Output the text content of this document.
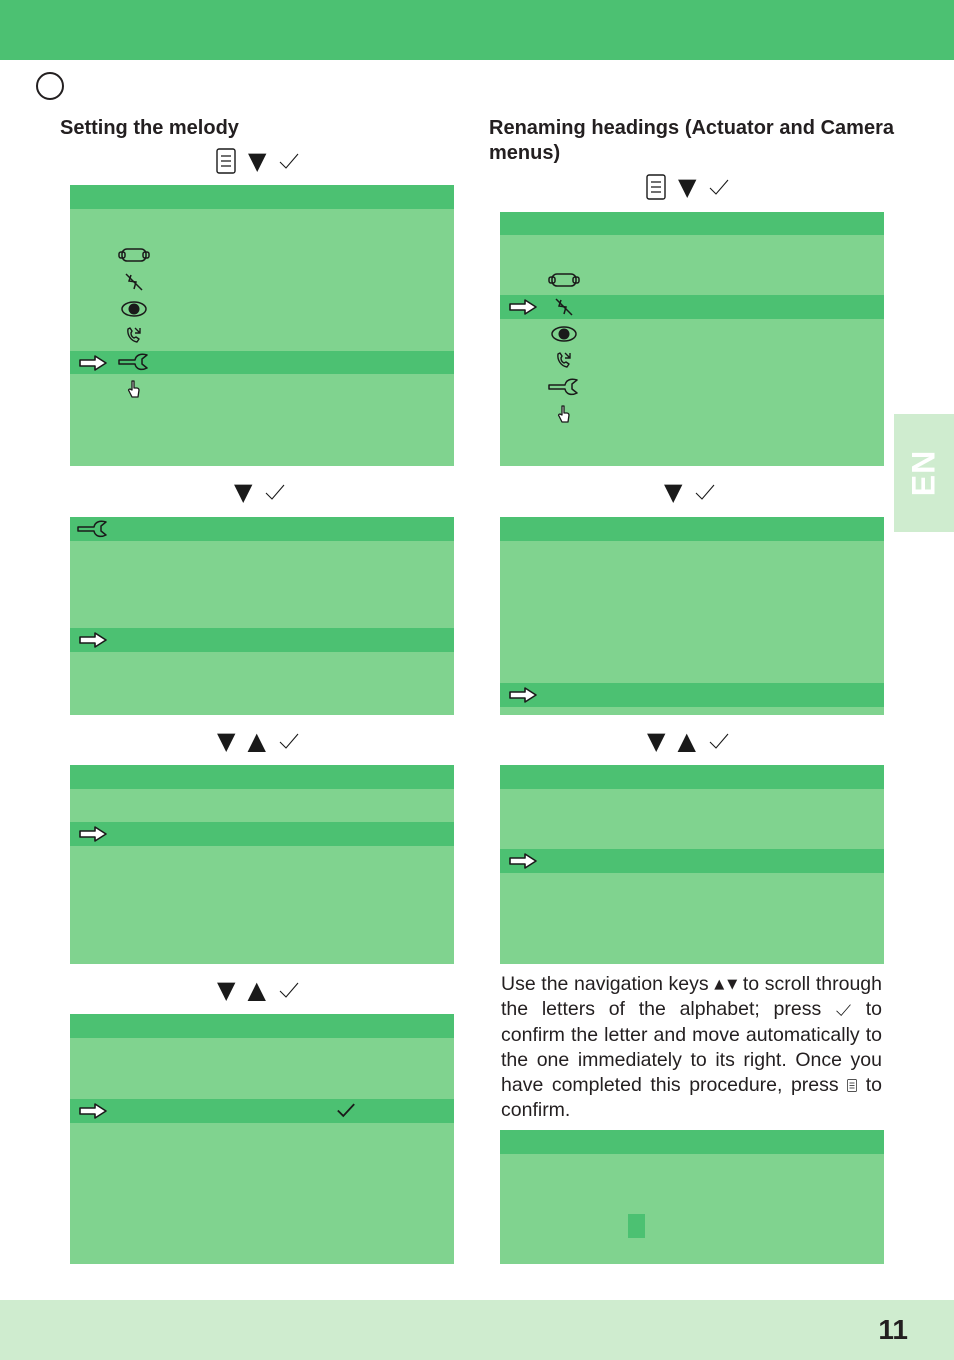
EN
Setting the melody
▼
▼
▼ ▲
▼ ▲
Renaming headings (Actuator and Camera menus)
▼
▼
▼ ▲

Use the navigation keys ▲ ▼ to scroll through the letters of the alphabet; press to confirm the letter and move automatically to the one immediately to its right. Once you have completed this procedure, press to confirm.

11
